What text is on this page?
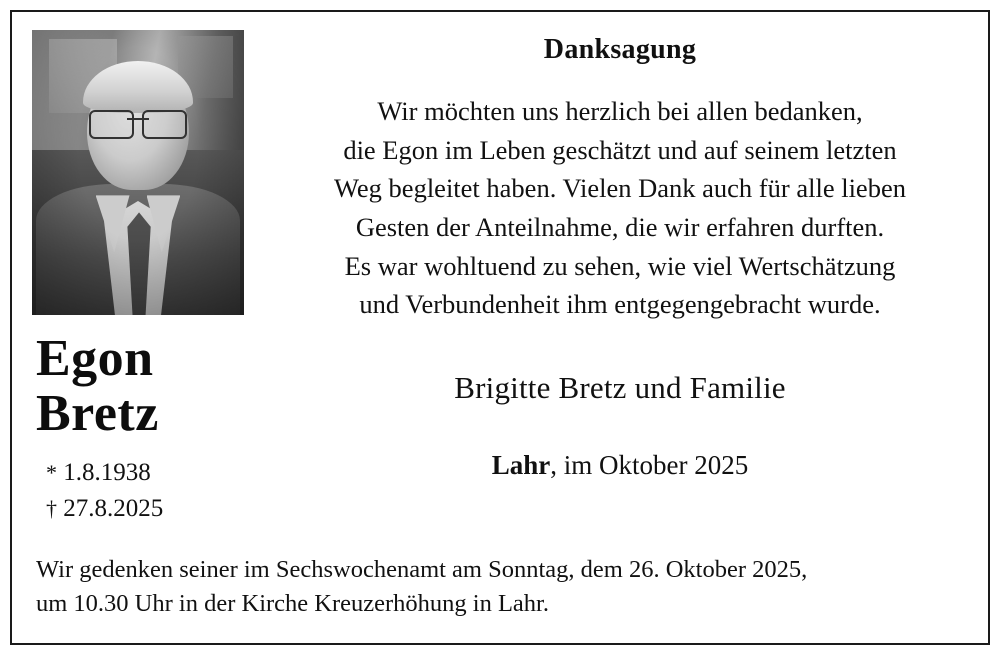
Egon
Bretz
* 1.8.1938
† 27.8.2025
Danksagung
Wir möchten uns herzlich bei allen bedanken,
die Egon im Leben geschätzt und auf seinem letzten
Weg begleitet haben. Vielen Dank auch für alle lieben
Gesten der Anteilnahme, die wir erfahren durften.
Es war wohltuend zu sehen, wie viel Wertschätzung
und Verbundenheit ihm entgegengebracht wurde.
Brigitte Bretz und Familie
Lahr, im Oktober 2025
Wir gedenken seiner im Sechswochenamt am Sonntag, dem 26. Oktober 2025,
um 10.30 Uhr in der Kirche Kreuzerhöhung in Lahr.
